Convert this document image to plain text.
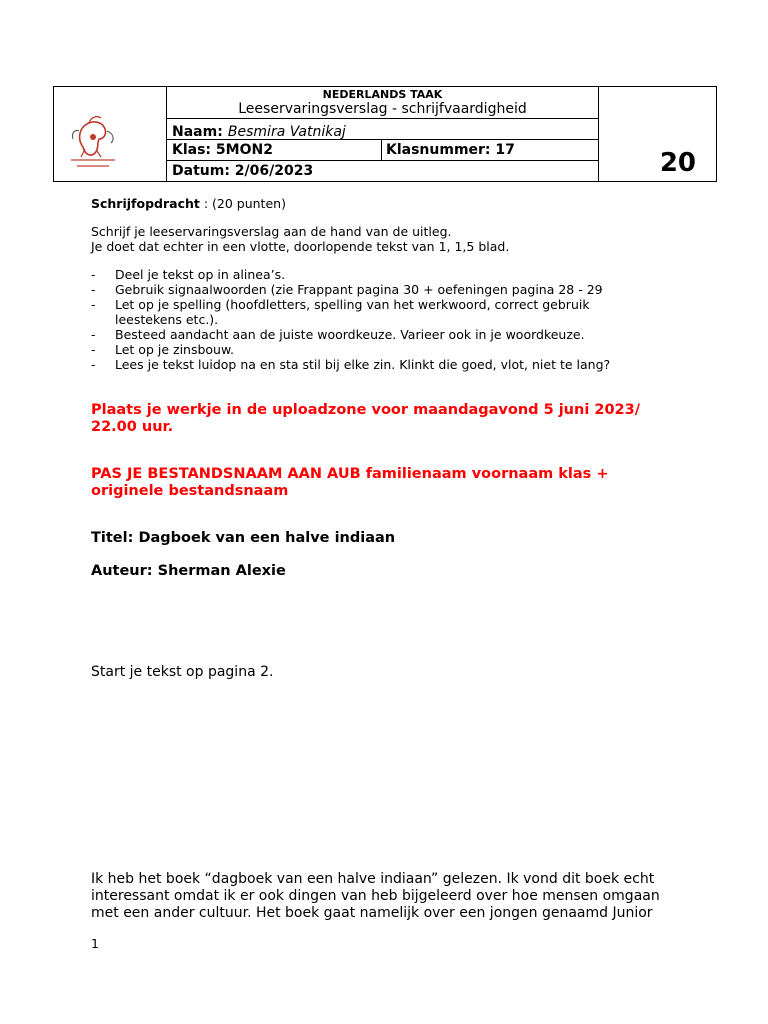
NEDERLANDS TAAK
Leeservaringsverslag - schrijfvaardigheid
Naam: Besmira Vatnikaj
Klas: 5MON2	Klasnummer: 17
Datum: 2/06/2023	20

Schrijfopdracht : (20 punten)

Schrijf je leeservaringsverslag aan de hand van de uitleg.

Je doet dat echter in een vlotte, doorlopende tekst van 1, 1,5 blad.

- Deel je tekst op in alinea’s.
- Gebruik signaalwoorden (zie Frappant pagina 30 + oefeningen pagina 28 - 29
- Let op je spelling (hoofdletters, spelling van het werkwoord, correct gebruik leestekens etc.).
- Besteed aandacht aan de juiste woordkeuze. Varieer ook in je woordkeuze.
- Let op je zinsbouw.
- Lees je tekst luidop na en sta stil bij elke zin. Klinkt die goed, vlot, niet te lang?

Plaats je werkje in de uploadzone voor maandagavond 5 juni 2023/ 22.00 uur.

PAS JE BESTANDSNAAM AAN AUB familienaam voornaam klas + originele bestandsnaam

Titel: Dagboek van een halve indiaan

Auteur: Sherman Alexie

Start je tekst op pagina 2.

Ik heb het boek “dagboek van een halve indiaan” gelezen. Ik vond dit boek echt interessant omdat ik er ook dingen van heb bijgeleerd over hoe mensen omgaan met een ander cultuur. Het boek gaat namelijk over een jongen genaamd Junior

1
